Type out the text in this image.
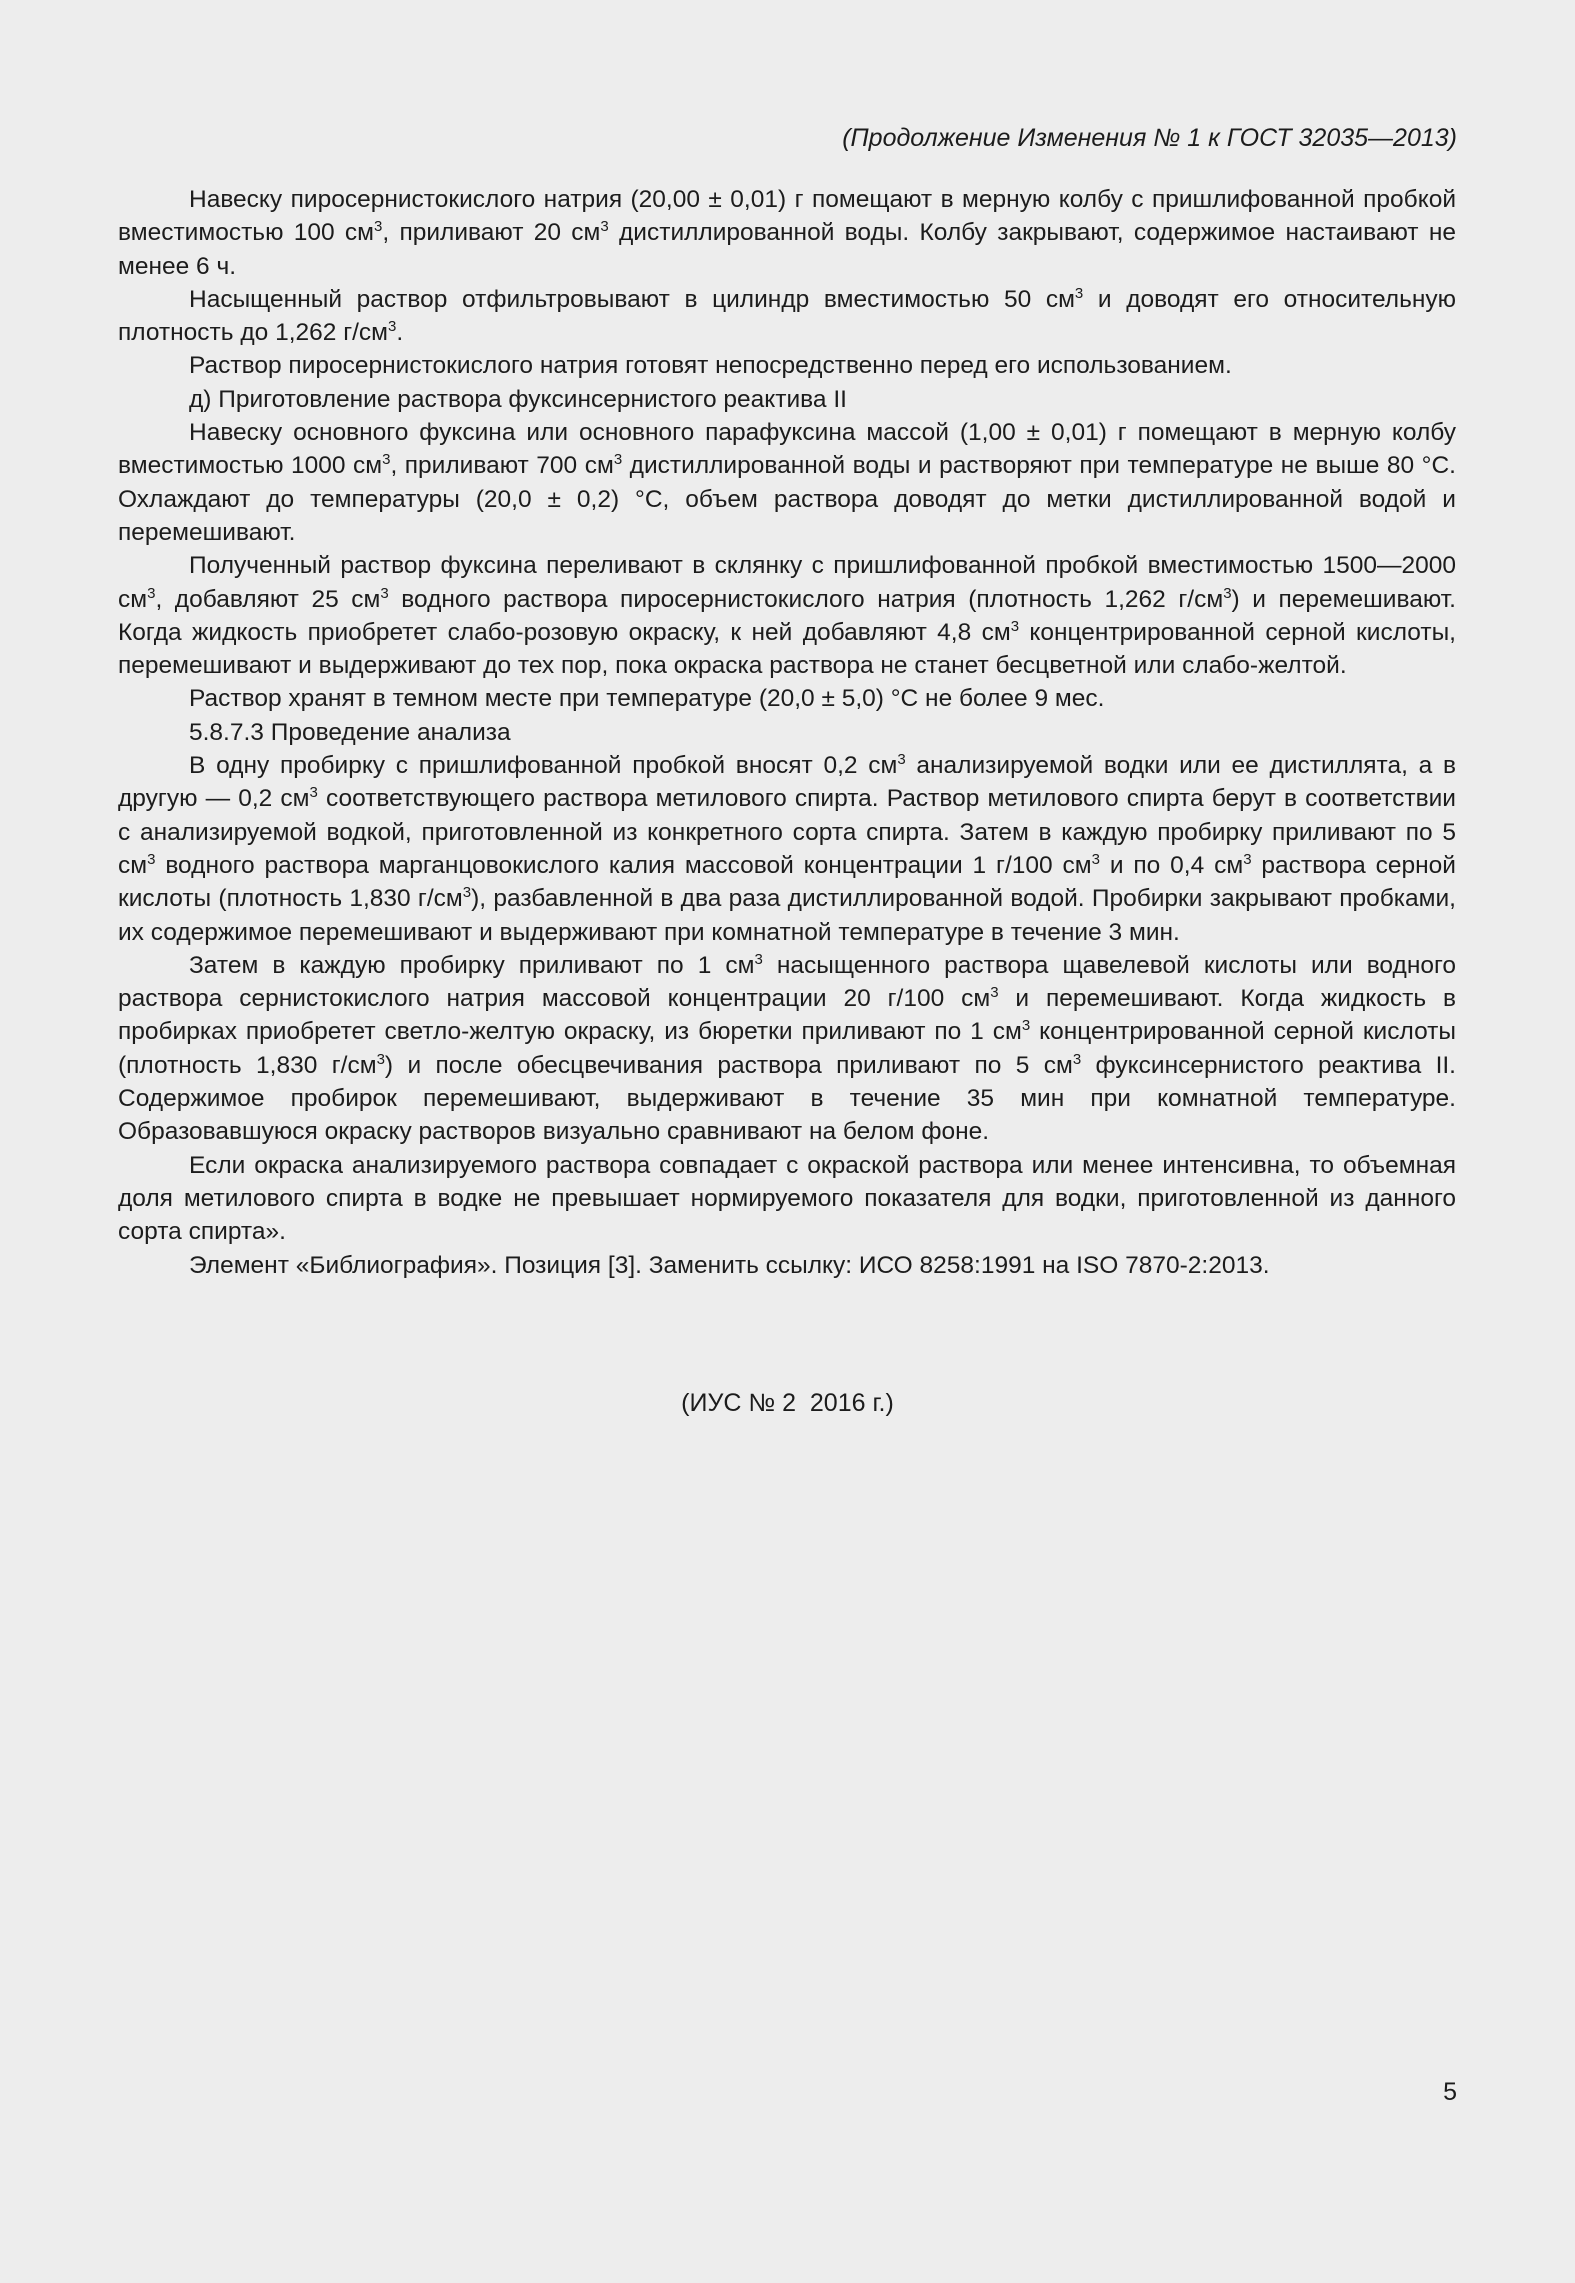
(Продолжение Изменения № 1 к ГОСТ 32035—2013)

Навеску пиросернистокислого натрия (20,00 ± 0,01) г помещают в мерную колбу с пришлифованной пробкой вместимостью 100 $см^3$, приливают 20 $см^3$ дистиллированной воды. Колбу закрывают, содержимое настаивают не менее 6 ч.

Насыщенный раствор отфильтровывают в цилиндр вместимостью 50 $см^3$ и доводят его относительную плотность до 1,262 $г/см^3$.

Раствор пиросернистокислого натрия готовят непосредственно перед его использованием.

д) Приготовление раствора фуксинсернистого реактива II

Навеску основного фуксина или основного парафуксина массой (1,00 ± 0,01) г помещают в мерную колбу вместимостью 1000 $см^3$, приливают 700 $см^3$ дистиллированной воды и растворяют при температуре не выше 80 °С. Охлаждают до температуры (20,0 ± 0,2) °С, объем раствора доводят до метки дистиллированной водой и перемешивают.

Полученный раствор фуксина переливают в склянку с пришлифованной пробкой вместимостью 1500—2000 $см^3$, добавляют 25 $см^3$ водного раствора пиросернистокислого натрия (плотность 1,262 $г/см^3$) и перемешивают. Когда жидкость приобретет слабо-розовую окраску, к ней добавляют 4,8 $см^3$ концентрированной серной кислоты, перемешивают и выдерживают до тех пор, пока окраска раствора не станет бесцветной или слабо-желтой.

Раствор хранят в темном месте при температуре (20,0 ± 5,0) °С не более 9 мес.

5.8.7.3 Проведение анализа

В одну пробирку с пришлифованной пробкой вносят 0,2 $см^3$ анализируемой водки или ее дистиллята, а в другую — 0,2 $см^3$ соответствующего раствора метилового спирта. Раствор метилового спирта берут в соответствии с анализируемой водкой, приготовленной из конкретного сорта спирта. Затем в каждую пробирку приливают по 5 $см^3$ водного раствора марганцовокислого калия массовой концентрации 1 г/100 $см^3$ и по 0,4 $см^3$ раствора серной кислоты (плотность 1,830 $г/см^3$), разбавленной в два раза дистиллированной водой. Пробирки закрывают пробками, их содержимое перемешивают и выдерживают при комнатной температуре в течение 3 мин.

Затем в каждую пробирку приливают по 1 $см^3$ насыщенного раствора щавелевой кислоты или водного раствора сернистокислого натрия массовой концентрации 20 г/100 $см^3$ и перемешивают. Когда жидкость в пробирках приобретет светло-желтую окраску, из бюретки приливают по 1 $см^3$ концентрированной серной кислоты (плотность 1,830 $г/см^3$) и после обесцвечивания раствора приливают по 5 $см^3$ фуксинсернистого реактива II. Содержимое пробирок перемешивают, выдерживают в течение 35 мин при комнатной температуре. Образовавшуюся окраску растворов визуально сравнивают на белом фоне.

Если окраска анализируемого раствора совпадает с окраской раствора или менее интенсивна, то объемная доля метилового спирта в водке не превышает нормируемого показателя для водки, приготовленной из данного сорта спирта».

Элемент «Библиография». Позиция [3]. Заменить ссылку: ИСО 8258:1991 на ISO 7870-2:2013.

(ИУС № 2  2016 г.)
5
